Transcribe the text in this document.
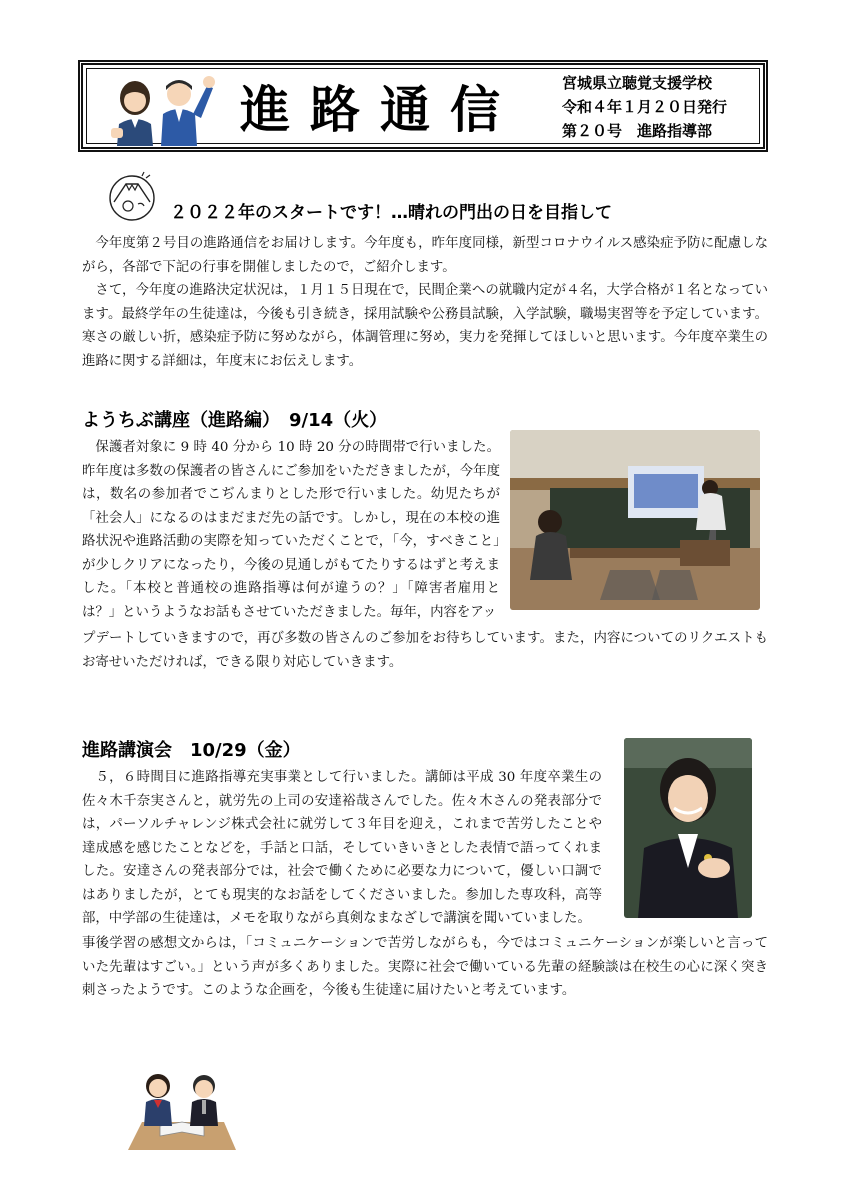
進路通信	宮城県立聴覚支援学校
令和４年１月２０日発行
第２０号　進路指導部
２０２２年のスタートです！…晴れの門出の日を目指して

今年度第２号目の進路通信をお届けします。今年度も，昨年度同様，新型コロナウイルス感染症予防に配慮しながら，各部で下記の行事を開催しましたので，ご紹介します。

さて，今年度の進路決定状況は，１月１５日現在で，民間企業への就職内定が４名，大学合格が１名となっています。最終学年の生徒達は，今後も引き続き，採用試験や公務員試験，入学試験，職場実習等を予定しています。寒さの厳しい折，感染症予防に努めながら，体調管理に努め，実力を発揮してほしいと思います。今年度卒業生の進路に関する詳細は，年度末にお伝えします。

ようちぶ講座（進路編）　9/14（火）

保護者対象に 9 時 40 分から 10 時 20 分の時間帯で行いました。昨年度は多数の保護者の皆さんにご参加をいただきましたが，今年度は，数名の参加者でこぢんまりとした形で行いました。幼児たちが「社会人」になるのはまだまだ先の話です。しかし，現在の本校の進路状況や進路活動の実際を知っていただくことで，「今，すべきこと」が少しクリアになったり，今後の見通しがもてたりするはずと考えました。「本校と普通校の進路指導は何が違うの？」「障害者雇用とは？」というようなお話もさせていただきました。毎年，内容をアッ

プデートしていきますので，再び多数の皆さんのご参加をお待ちしています。また，内容についてのリクエストもお寄せいただければ，できる限り対応していきます。

進路講演会　10/29（金）

５，６時間目に進路指導充実事業として行いました。講師は平成 30 年度卒業生の佐々木千奈実さんと，就労先の上司の安達裕哉さんでした。佐々木さんの発表部分では，パーソルチャレンジ株式会社に就労して３年目を迎え，これまで苦労したことや達成感を感じたことなどを，手話と口話，そしていきいきとした表情で語ってくれました。安達さんの発表部分では，社会で働くために必要な力について，優しい口調ではありましたが，とても現実的なお話をしてくださいました。参加した専攻科，高等部，中学部の生徒達は，メモを取りながら真剣なまなざしで講演を聞いていました。

事後学習の感想文からは，「コミュニケーションで苦労しながらも，今ではコミュニケーションが楽しいと言っていた先輩はすごい。」という声が多くありました。実際に社会で働いている先輩の経験談は在校生の心に深く突き刺さったようです。このような企画を，今後も生徒達に届けたいと考えています。
